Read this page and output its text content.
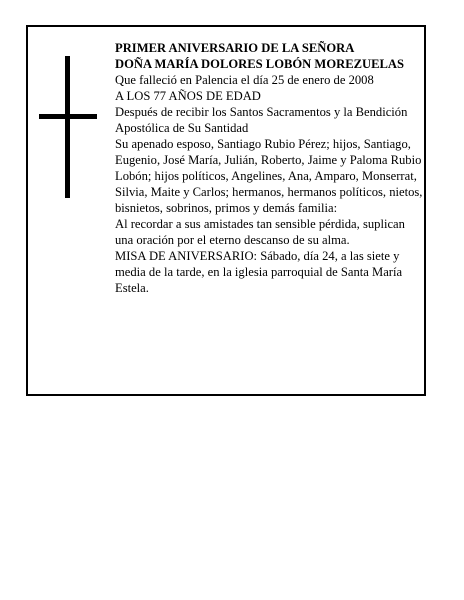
PRIMER ANIVERSARIO DE LA SEÑORA

DOÑA MARÍA DOLORES LOBÓN MOREZUELAS

Que falleció en Palencia el día 25 de enero de 2008

A LOS 77 AÑOS DE EDAD

Después de recibir los Santos Sacramentos y la Bendición Apostólica de Su Santidad

Su apenado esposo, Santiago Rubio Pérez; hijos, Santiago, Eugenio, José María, Julián, Roberto, Jaime y Paloma Rubio Lobón; hijos políticos, Angelines, Ana, Amparo, Monserrat, Silvia, Maite y Carlos; hermanos, hermanos políticos, nietos, bisnietos, sobrinos, primos y demás familia:

Al recordar a sus amistades tan sensible pérdida, suplican una oración por el eterno descanso de su alma.

MISA DE ANIVERSARIO: Sábado, día 24, a las siete y media de la tarde, en la iglesia parroquial de Santa María Estela.
